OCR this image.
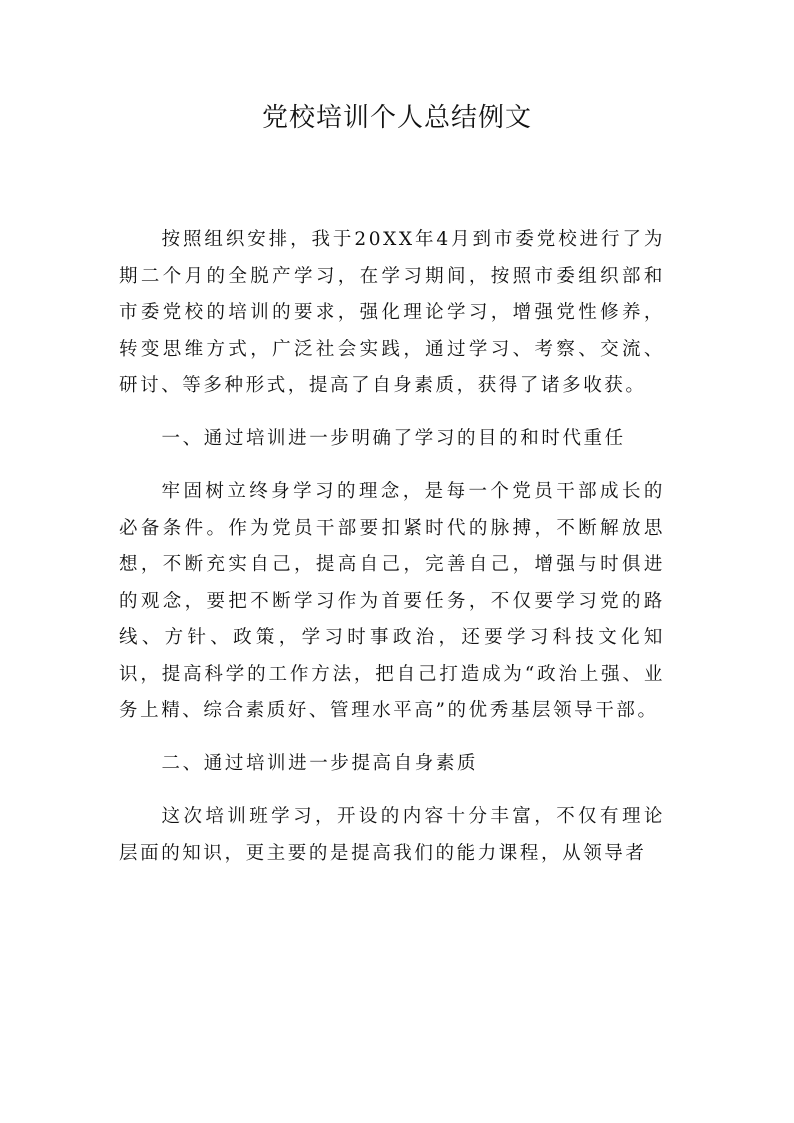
党校培训个人总结例文

按照组织安排，我于20XX年4月到市委党校进行了为期二个月的全脱产学习，在学习期间，按照市委组织部和市委党校的培训的要求，强化理论学习，增强党性修养，转变思维方式，广泛社会实践，通过学习、考察、交流、研讨、等多种形式，提高了自身素质，获得了诸多收获。

一、通过培训进一步明确了学习的目的和时代重任

牢固树立终身学习的理念，是每一个党员干部成长的必备条件。作为党员干部要扣紧时代的脉搏，不断解放思想，不断充实自己，提高自己，完善自己，增强与时俱进的观念，要把不断学习作为首要任务，不仅要学习党的路线、方针、政策，学习时事政治，还要学习科技文化知识，提高科学的工作方法，把自己打造成为“政治上强、业务上精、综合素质好、管理水平高”的优秀基层领导干部。

二、通过培训进一步提高自身素质

这次培训班学习，开设的内容十分丰富，不仅有理论层面的知识，更主要的是提高我们的能力课程，从领导者
